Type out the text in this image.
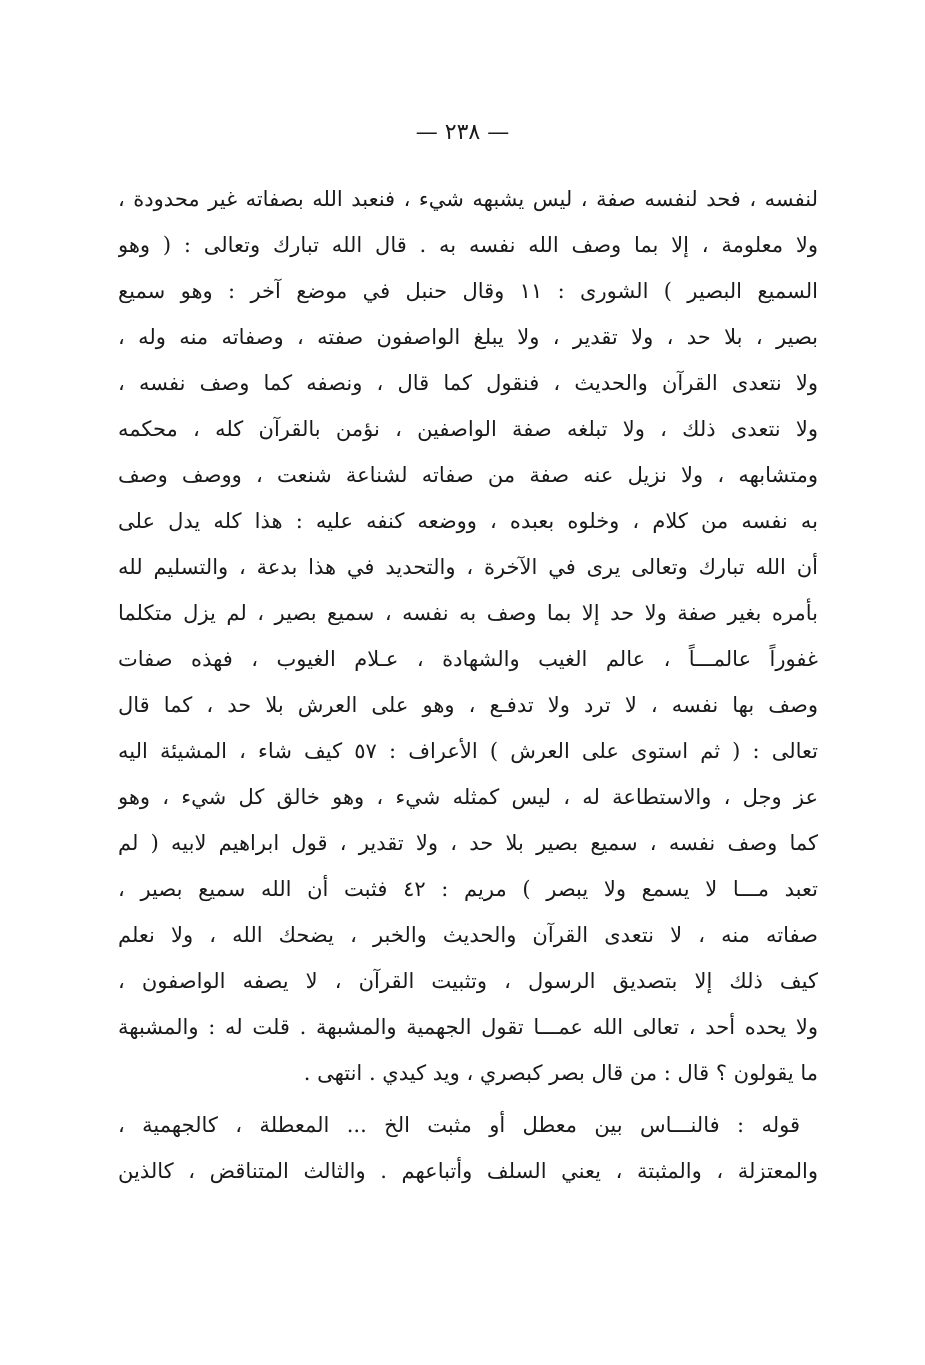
— ٢٣٨ —
لنفسه ، فحد لنفسه صفة ، ليس يشبهه شيء ، فنعبد الله بصفاته غير محدودة ،
ولا معلومة ، إلا بما وصف الله نفسه به . قال الله تبارك وتعالى : ( وهو
السميع البصير ) الشورى : ١١ وقال حنبل في موضع آخر : وهو سميع
بصير ، بلا حد ، ولا تقدير ، ولا يبلغ الواصفون صفته ، وصفاته منه وله ،
ولا نتعدى القرآن والحديث ، فنقول كما قال ، ونصفه كما وصف نفسه ،
ولا نتعدى ذلك ، ولا تبلغه صفة الواصفين ، نؤمن بالقرآن كله ، محكمه
ومتشابهه ، ولا نزيل عنه صفة من صفاته لشناعة شنعت ، ووصف وصف
به نفسه من كلام ، وخلوه بعبده ، ووضعه كنفه عليه : هذا كله يدل على
أن الله تبارك وتعالى يرى في الآخرة ، والتحديد في هذا بدعة ، والتسليم لله
بأمره بغير صفة ولا حد إلا بما وصف به نفسه ، سميع بصير ، لم يزل متكلما
غفوراً عالمـــاً ، عالم الغيب والشهادة ، عـلام الغيوب ، فهذه صفات
وصف بها نفسه ، لا ترد ولا تدفـع ، وهو على العرش بلا حد ، كما قال
تعالى : ( ثم استوى على العرش ) الأعراف : ٥٧ كيف شاء ، المشيئة اليه
عز وجل ، والاستطاعة له ، ليس كمثله شيء ، وهو خالق كل شيء ، وهو
كما وصف نفسه ، سميع بصير بلا حد ، ولا تقدير ، قول ابراهيم لابيه ( لم
تعبد مـــا لا يسمع ولا يبصر ) مريم : ٤٢ فثبت أن الله سميع بصير ،
صفاته منه ، لا نتعدى القرآن والحديث والخبر ، يضحك الله ، ولا نعلم
كيف ذلك إلا بتصديق الرسول ، وتثبيت القرآن ، لا يصفه الواصفون ،
ولا يحده أحد ، تعالى الله عمـــا تقول الجهمية والمشبهة . قلت له : والمشبهة
ما يقولون ؟ قال : من قال بصر كبصري ، ويد كيدي . انتهى .
قوله : فالنـــاس بين معطل أو مثبت الخ ... المعطلة ، كالجهمية ،
والمعتزلة ، والمثبتة ، يعني السلف وأتباعهم . والثالث المتناقض ، كالذين
